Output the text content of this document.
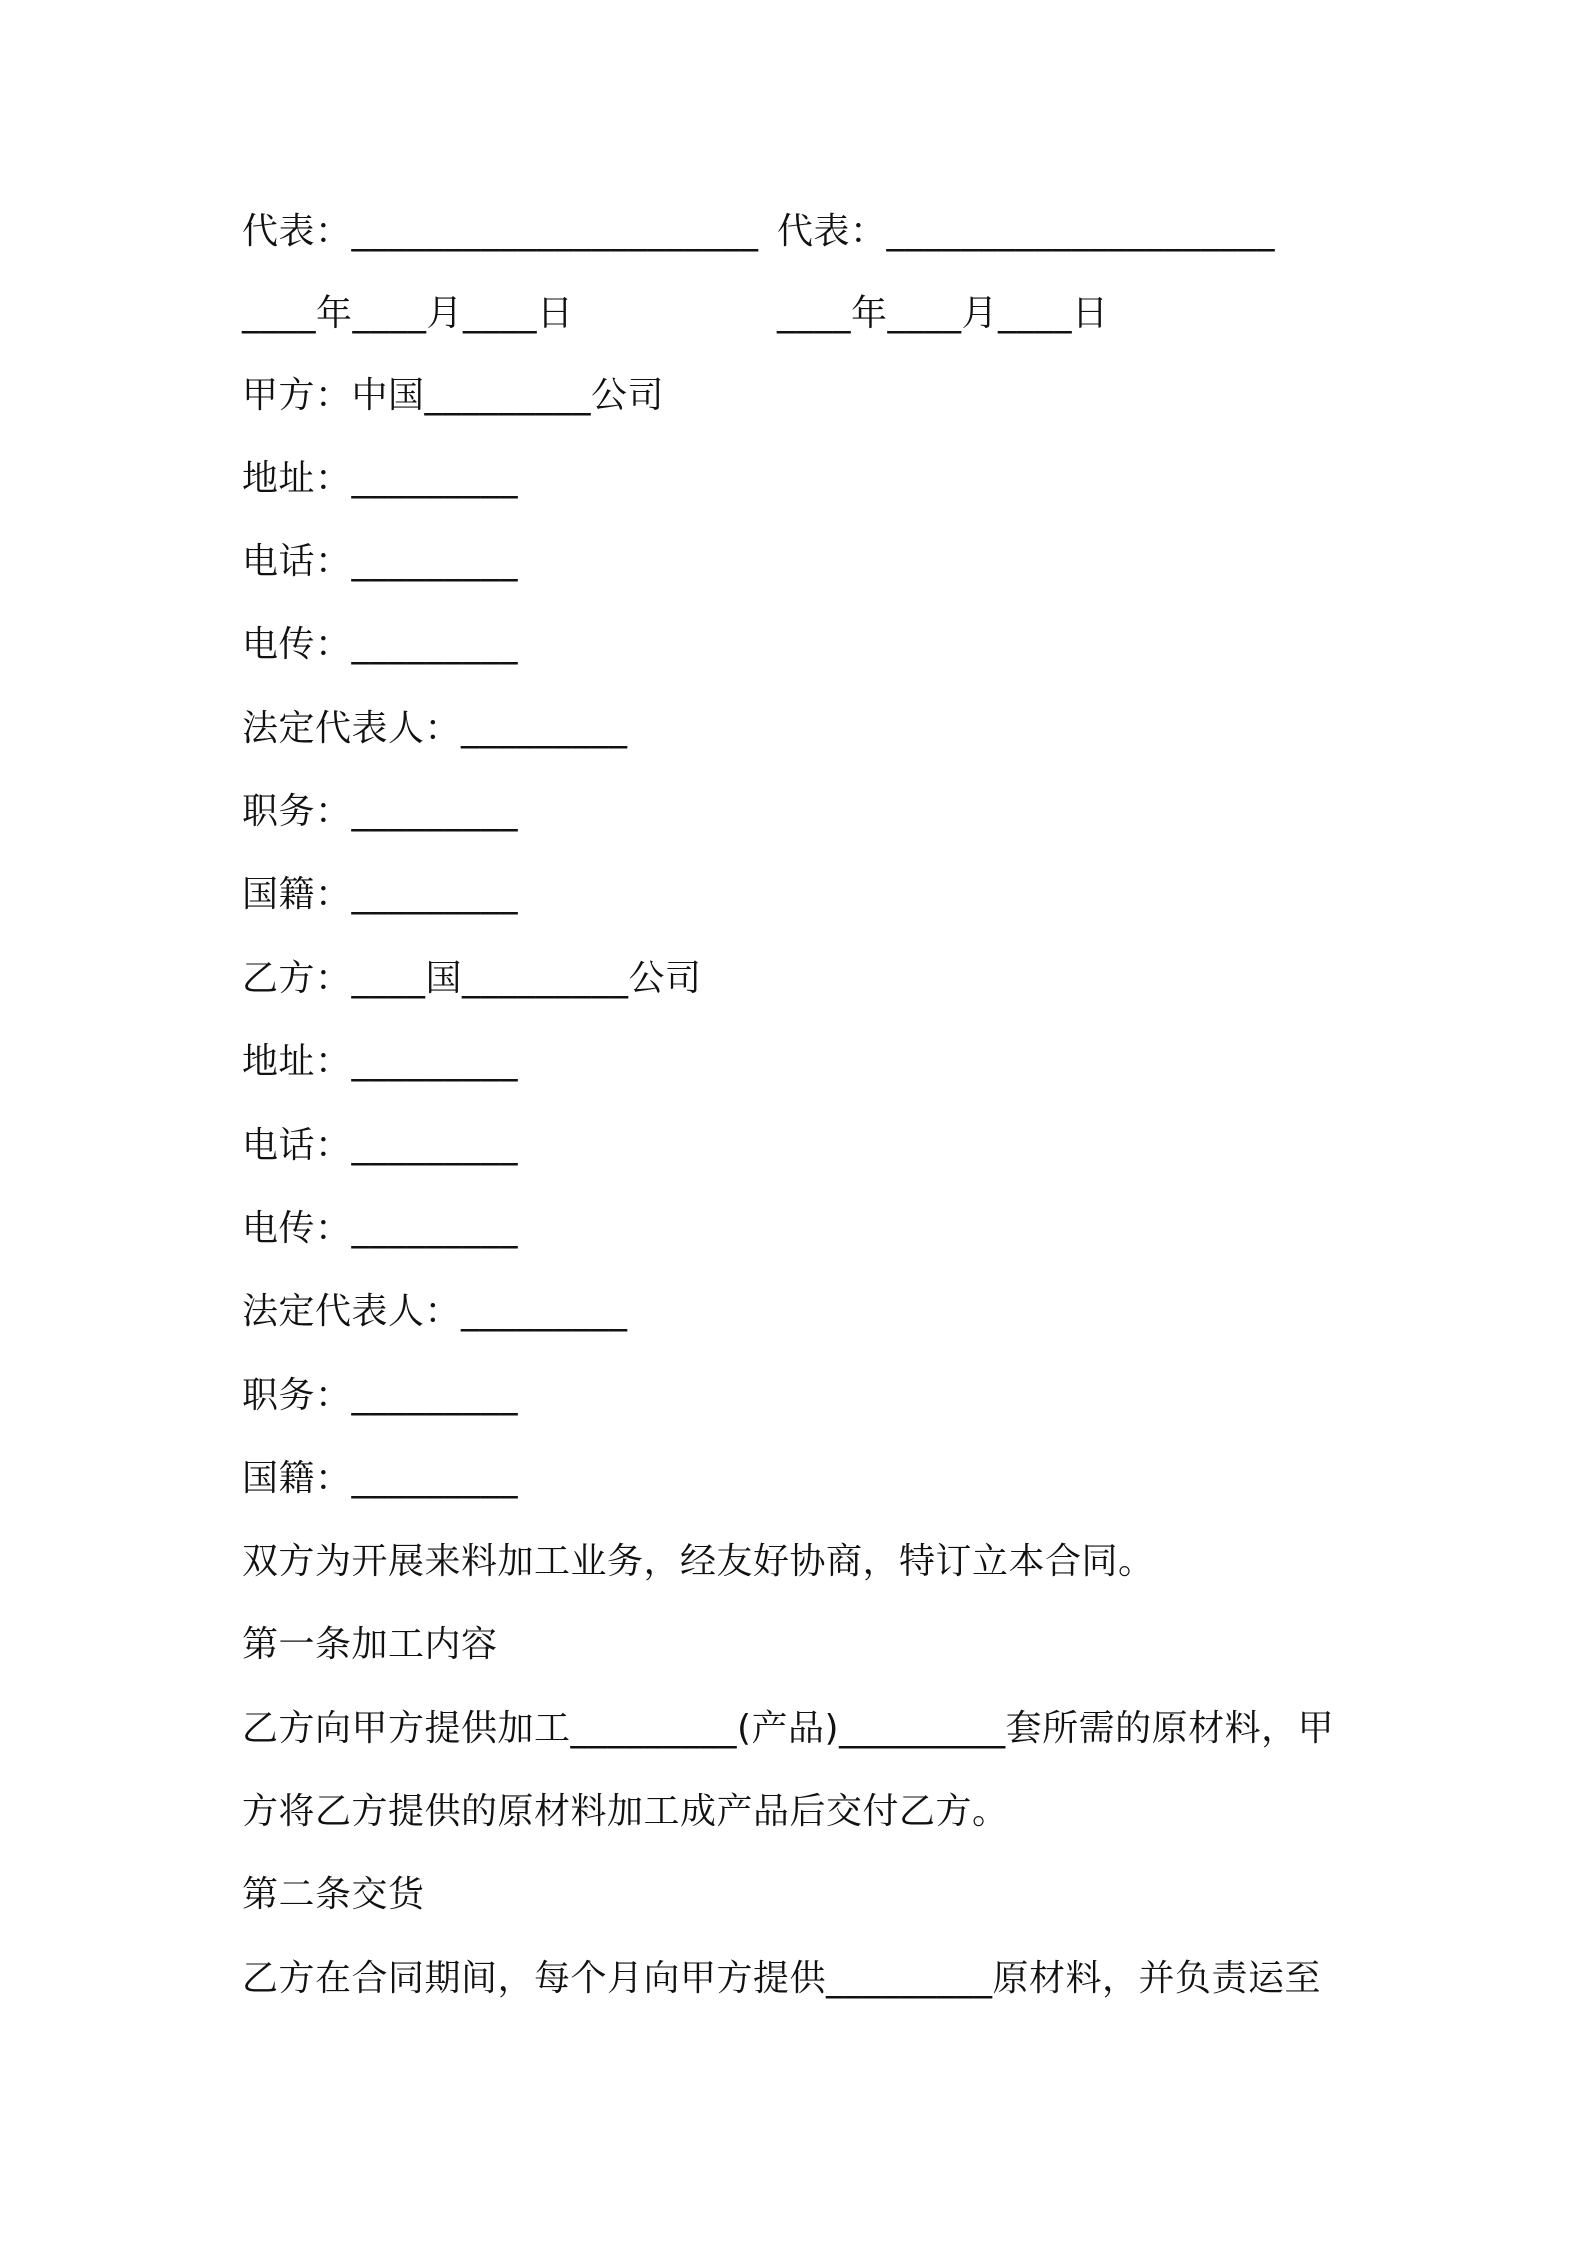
代表：______________________ 代表：_____________________
____年____月____日	____年____月____日
甲方：中国_________公司
地址：_________
电话：_________
电传：_________
法定代表人：_________
职务：_________
国籍：_________
乙方：____国_________公司
地址：_________
电话：_________
电传：_________
法定代表人：_________
职务：_________
国籍：_________
双方为开展来料加工业务，经友好协商，特订立本合同。
第一条加工内容
乙方向甲方提供加工_________(产品)_________套所需的原材料，甲
方将乙方提供的原材料加工成产品后交付乙方。
第二条交货
乙方在合同期间，每个月向甲方提供_________原材料，并负责运至
